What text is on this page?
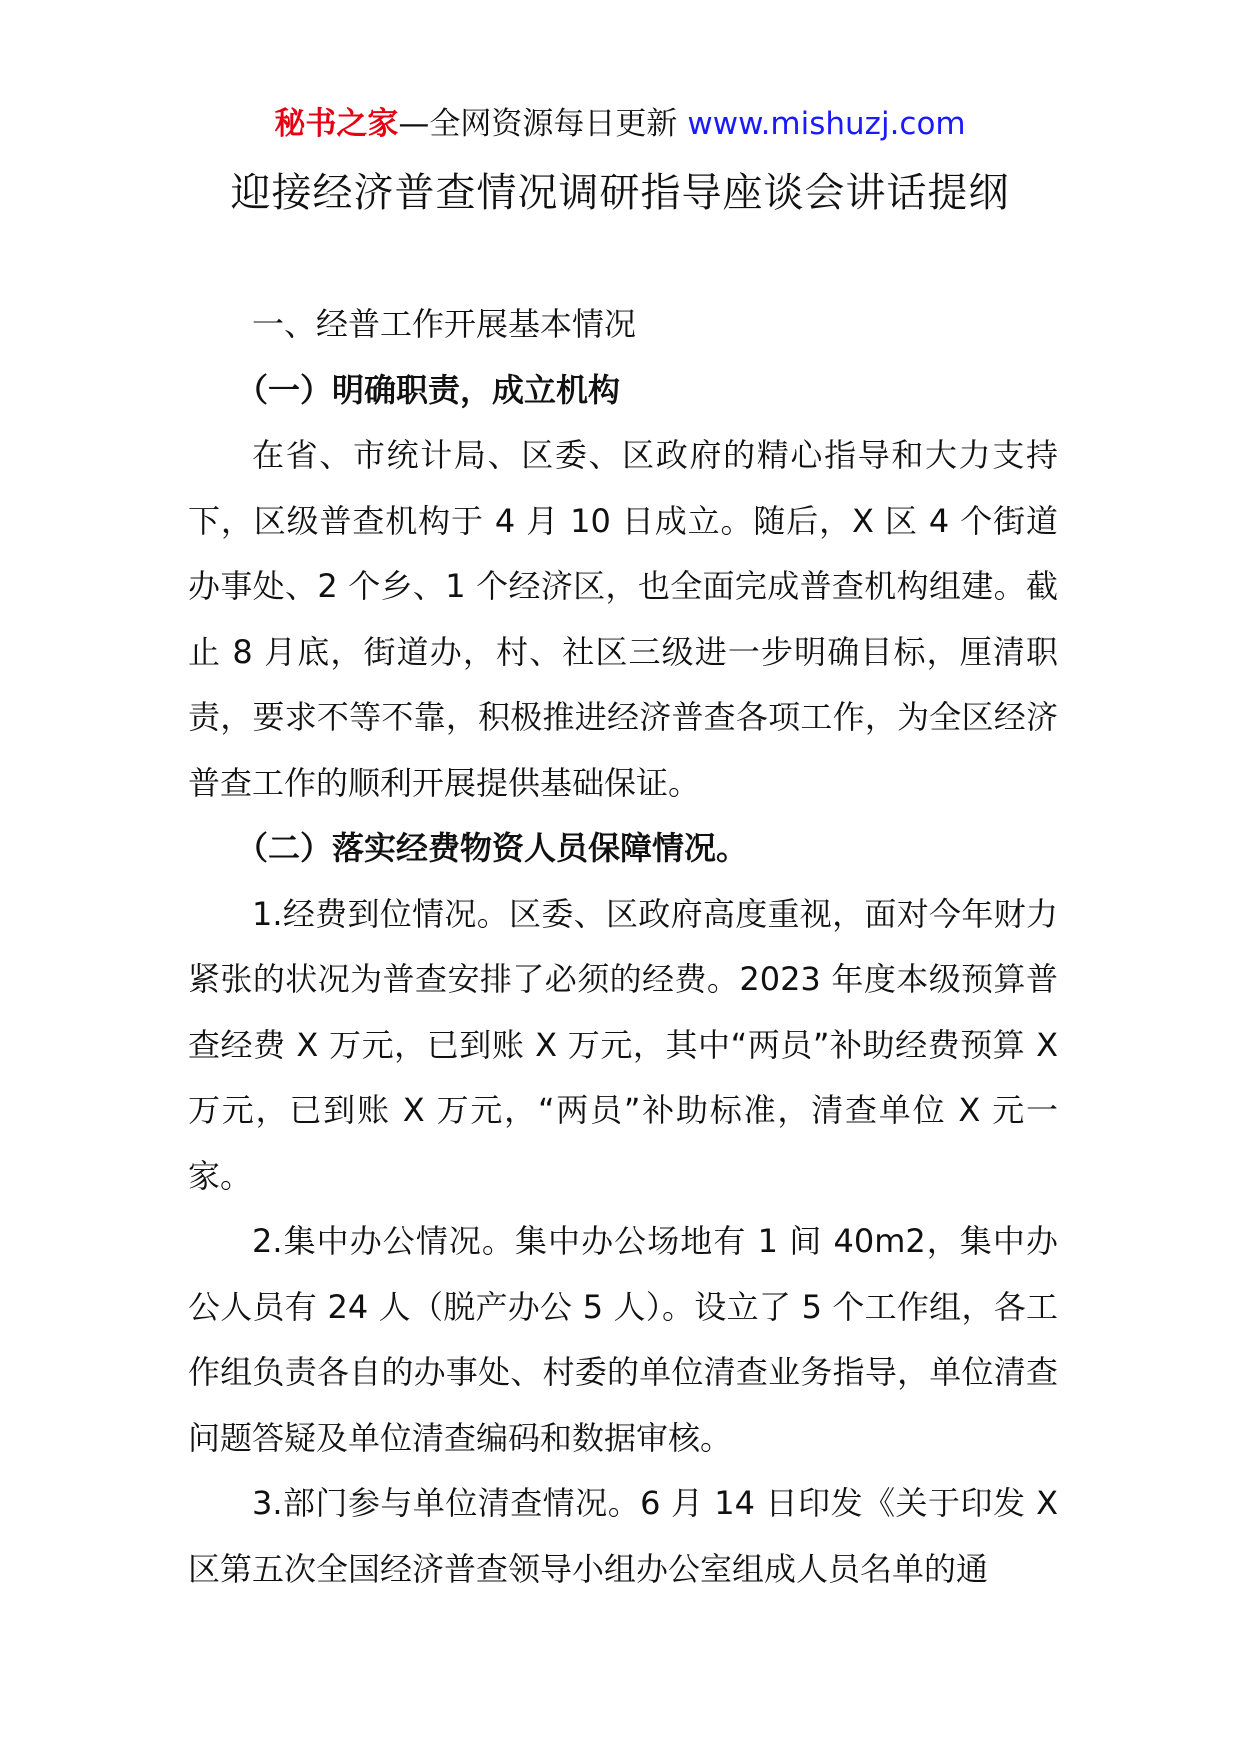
秘书之家—全网资源每日更新 www.mishuzj.com
迎接经济普查情况调研指导座谈会讲话提纲

一、经普工作开展基本情况

（一）明确职责，成立机构

在省、市统计局、区委、区政府的精心指导和大力支持下，区级普查机构于 4 月 10 日成立。随后，X 区 4 个街道办事处、2 个乡、1 个经济区，也全面完成普查机构组建。截止 8 月底，街道办，村、社区三级进一步明确目标，厘清职责，要求不等不靠，积极推进经济普查各项工作，为全区经济普查工作的顺利开展提供基础保证。

（二）落实经费物资人员保障情况。

1.经费到位情况。区委、区政府高度重视，面对今年财力紧张的状况为普查安排了必须的经费。2023 年度本级预算普查经费 X 万元，已到账 X 万元，其中“两员”补助经费预算 X 万元，已到账 X 万元，“两员”补助标准，清查单位 X 元一家。

2.集中办公情况。集中办公场地有 1 间 40m2，集中办公人员有 24 人（脱产办公 5 人）。设立了 5 个工作组，各工作组负责各自的办事处、村委的单位清查业务指导，单位清查问题答疑及单位清查编码和数据审核。

3.部门参与单位清查情况。6 月 14 日印发《关于印发 X 区第五次全国经济普查领导小组办公室组成人员名单的通
